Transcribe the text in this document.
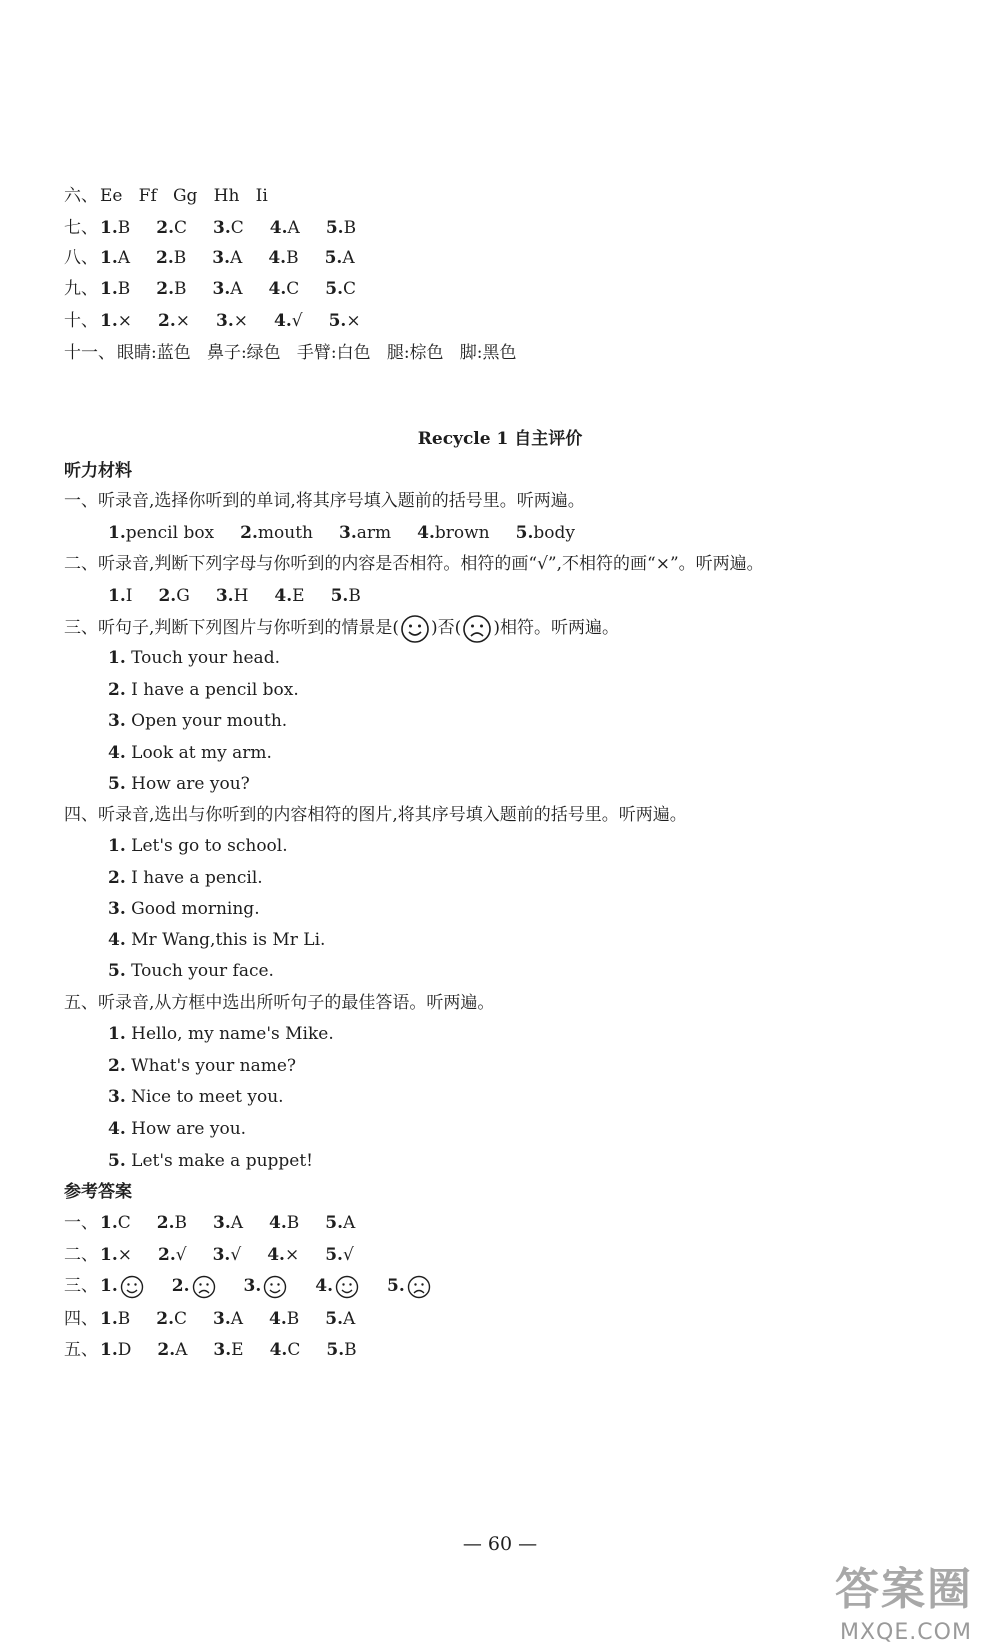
六、 Ee   Ff   Gg   Hh   Ii
七、 1.B 2.C 3.C 4.A 5.B
八、 1.A 2.B 3.A 4.B 5.A
九、 1.B 2.B 3.A 4.C 5.C
十、 1.× 2.× 3.× 4.√ 5.×
十一、 眼睛:蓝色   鼻子:绿色   手臂:白色   腿:棕色   脚:黑色
Recycle 1 自主评价
听力材料
一、听录音,选择你听到的单词,将其序号填入题前的括号里。听两遍。
1.pencil box 2.mouth 3.arm 4.brown 5.body
二、听录音,判断下列字母与你听到的内容是否相符。相符的画“√”,不相符的画“×”。听两遍。
1.I 2.G 3.H 4.E 5.B
三、听句子,判断下列图片与你听到的情景是( )否( )相符。听两遍。
1. Touch your head.
2. I have a pencil box.
3. Open your mouth.
4. Look at my arm.
5. How are you?
四、听录音,选出与你听到的内容相符的图片,将其序号填入题前的括号里。听两遍。
1. Let's go to school.
2. I have a pencil.
3. Good morning.
4. Mr Wang,this is Mr Li.
5. Touch your face.
五、听录音,从方框中选出所听句子的最佳答语。听两遍。
1. Hello, my name's Mike.
2. What's your name?
3. Nice to meet you.
4. How are you.
5. Let's make a puppet!
参考答案
一、 1.C 2.B 3.A 4.B 5.A
二、 1.× 2.√ 3.√ 4.× 5.√
三、 1.	2.	3.	4.	5.
四、 1.B 2.C 3.A 4.B 5.A
五、 1.D 2.A 3.E 4.C 5.B
— 60 —
答案圈
MXQE.COM
